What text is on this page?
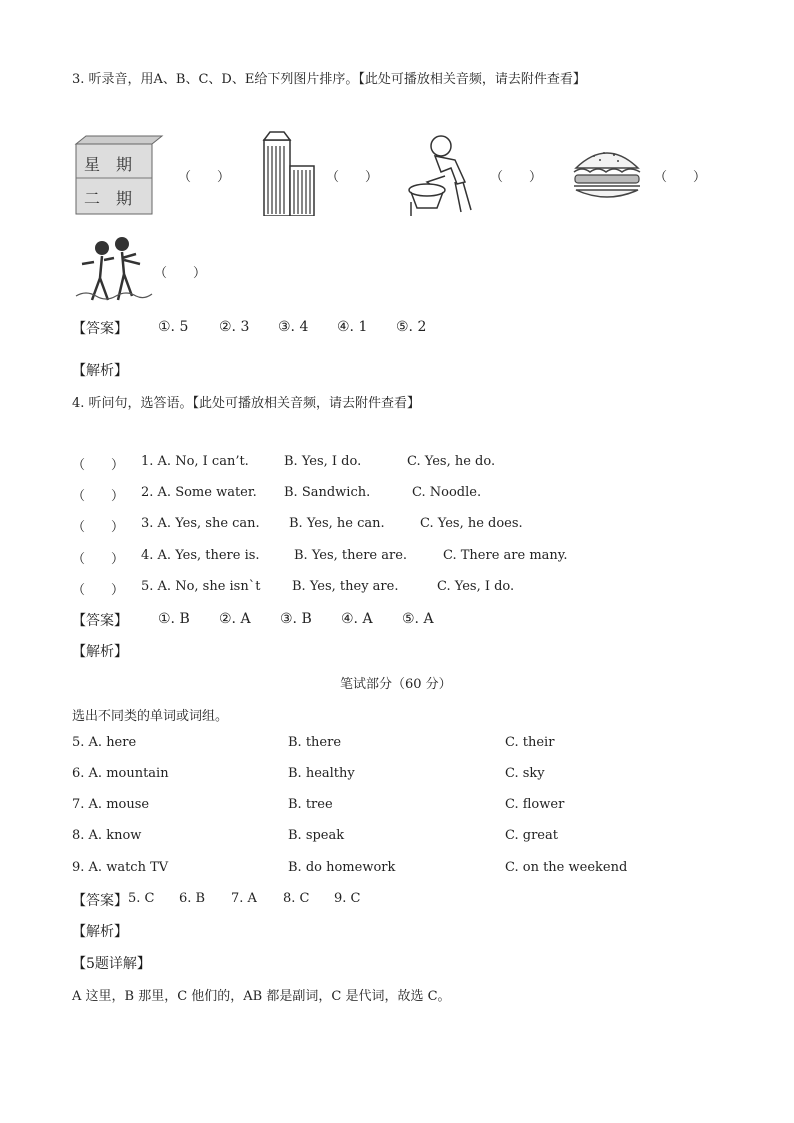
3. 听录音，用A、B、C、D、E给下列图片排序。【此处可播放相关音频，请去附件查看】
星 期
二 期
（　　）	（　　）	（　　）	（　　）
（　　）
【答案】 ①. 5 ②. 3 ③. 4 ④. 1 ⑤. 2
【解析】
4. 听问句，选答语。【此处可播放相关音频，请去附件查看】
（　　） 1. A. No, I can’t.	B. Yes, I do.	C. Yes, he do.
（　　） 2. A. Some water. B. Sandwich.	C. Noodle.
（　　） 3. A. Yes, she can. B. Yes, he can.	C. Yes, he does.
（　　） 4. A. Yes, there is.	B. Yes, there are.	C. There are many.
（　　） 5. A. No, she isn`t B. Yes, they are.	C. Yes, I do.
【答案】 ①. B ②. A ③. B ④. A ⑤. A
【解析】
笔试部分（60 分）
选出不同类的单词或词组。
5. A. here	B. there	C. their
6. A. mountain	B. healthy	C. sky
7. A. mouse	B. tree	C. flower
8. A. know	B. speak	C. great
9. A. watch TV	B. do homework	C. on the weekend
【答案】 5. C 6. B 7. A 8. C 9. C
【解析】
【5题详解】
A 这里，B 那里，C 他们的，AB 都是副词，C 是代词，故选 C。
